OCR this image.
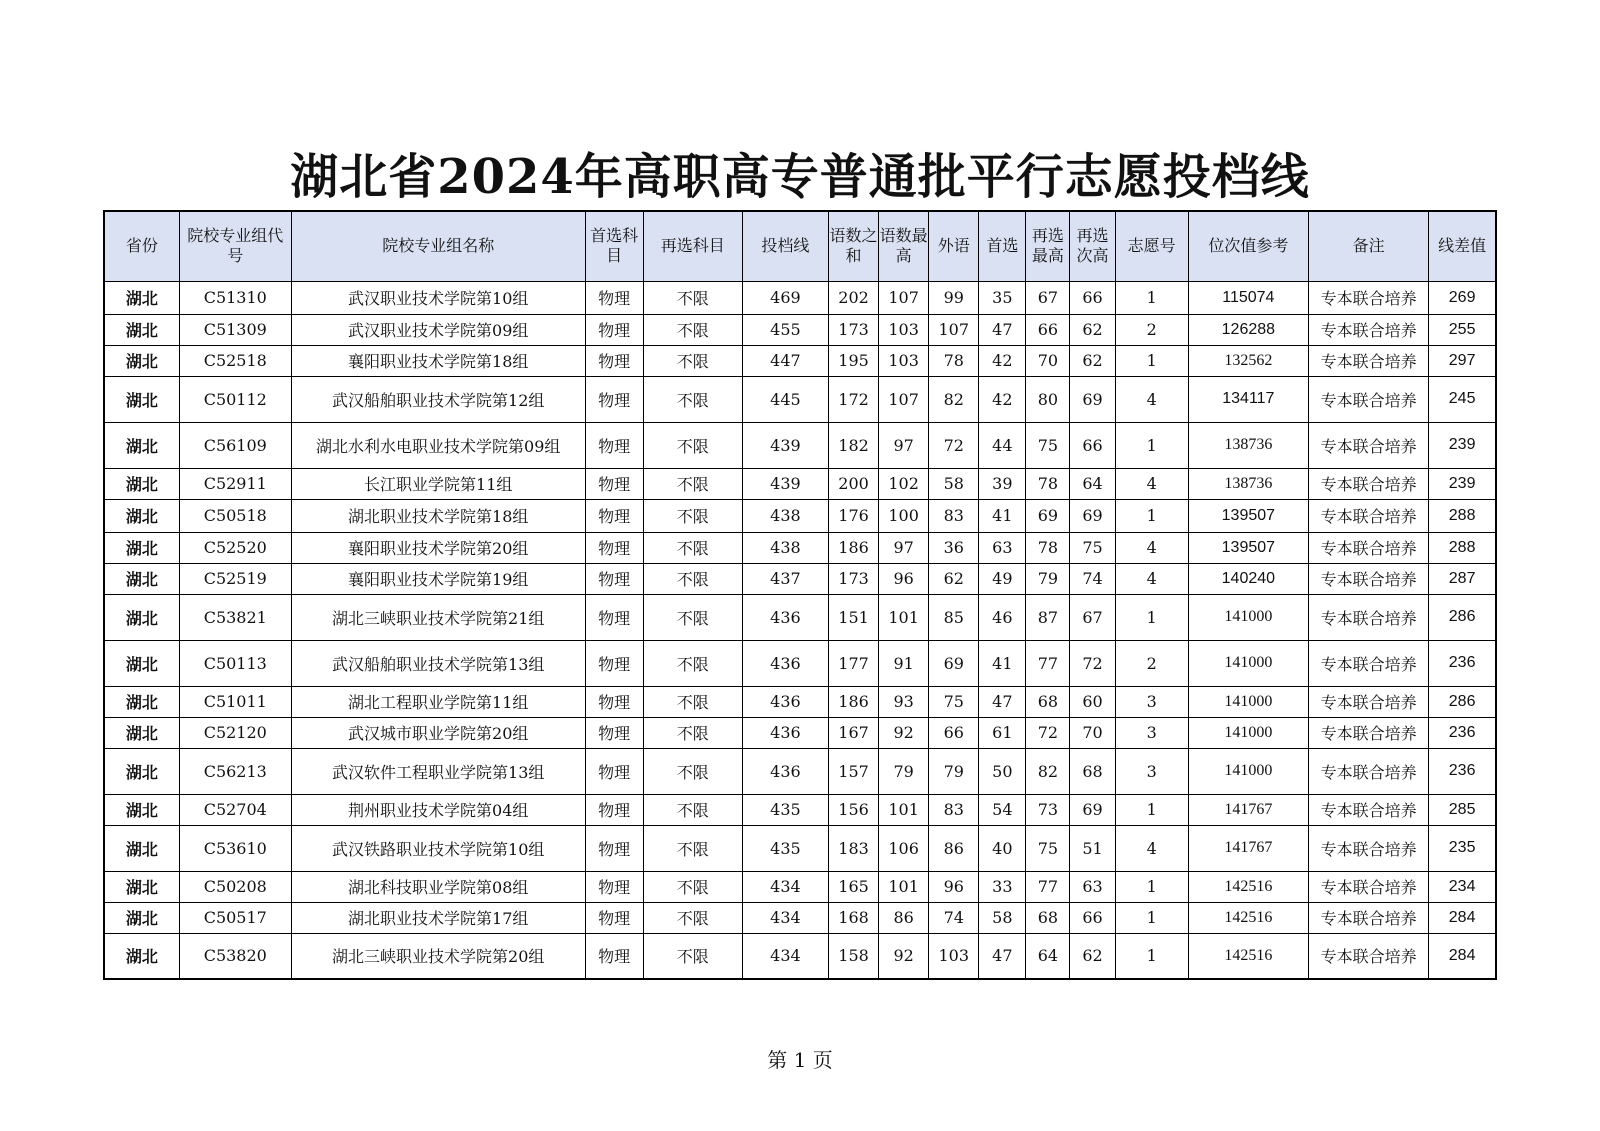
湖北省2024年高职高专普通批平行志愿投档线
省份	院校专业组代号	院校专业组名称	首选科目	再选科目	投档线	语数之和	语数最高	外语	首选	再选最高	再选次高	志愿号	位次值参考	备注	线差值
湖北	C51310	武汉职业技术学院第10组	物理	不限	469	202	107	99	35	67	66	1	115074	专本联合培养	269
湖北	C51309	武汉职业技术学院第09组	物理	不限	455	173	103	107	47	66	62	2	126288	专本联合培养	255
湖北	C52518	襄阳职业技术学院第18组	物理	不限	447	195	103	78	42	70	62	1	132562	专本联合培养	297
湖北	C50112	武汉船舶职业技术学院第12组	物理	不限	445	172	107	82	42	80	69	4	134117	专本联合培养	245
湖北	C56109	湖北水利水电职业技术学院第09组	物理	不限	439	182	97	72	44	75	66	1	138736	专本联合培养	239
湖北	C52911	长江职业学院第11组	物理	不限	439	200	102	58	39	78	64	4	138736	专本联合培养	239
湖北	C50518	湖北职业技术学院第18组	物理	不限	438	176	100	83	41	69	69	1	139507	专本联合培养	288
湖北	C52520	襄阳职业技术学院第20组	物理	不限	438	186	97	36	63	78	75	4	139507	专本联合培养	288
湖北	C52519	襄阳职业技术学院第19组	物理	不限	437	173	96	62	49	79	74	4	140240	专本联合培养	287
湖北	C53821	湖北三峡职业技术学院第21组	物理	不限	436	151	101	85	46	87	67	1	141000	专本联合培养	286
湖北	C50113	武汉船舶职业技术学院第13组	物理	不限	436	177	91	69	41	77	72	2	141000	专本联合培养	236
湖北	C51011	湖北工程职业学院第11组	物理	不限	436	186	93	75	47	68	60	3	141000	专本联合培养	286
湖北	C52120	武汉城市职业学院第20组	物理	不限	436	167	92	66	61	72	70	3	141000	专本联合培养	236
湖北	C56213	武汉软件工程职业学院第13组	物理	不限	436	157	79	79	50	82	68	3	141000	专本联合培养	236
湖北	C52704	荆州职业技术学院第04组	物理	不限	435	156	101	83	54	73	69	1	141767	专本联合培养	285
湖北	C53610	武汉铁路职业技术学院第10组	物理	不限	435	183	106	86	40	75	51	4	141767	专本联合培养	235
湖北	C50208	湖北科技职业学院第08组	物理	不限	434	165	101	96	33	77	63	1	142516	专本联合培养	234
湖北	C50517	湖北职业技术学院第17组	物理	不限	434	168	86	74	58	68	66	1	142516	专本联合培养	284
湖北	C53820	湖北三峡职业技术学院第20组	物理	不限	434	158	92	103	47	64	62	1	142516	专本联合培养	284
第 1 页
